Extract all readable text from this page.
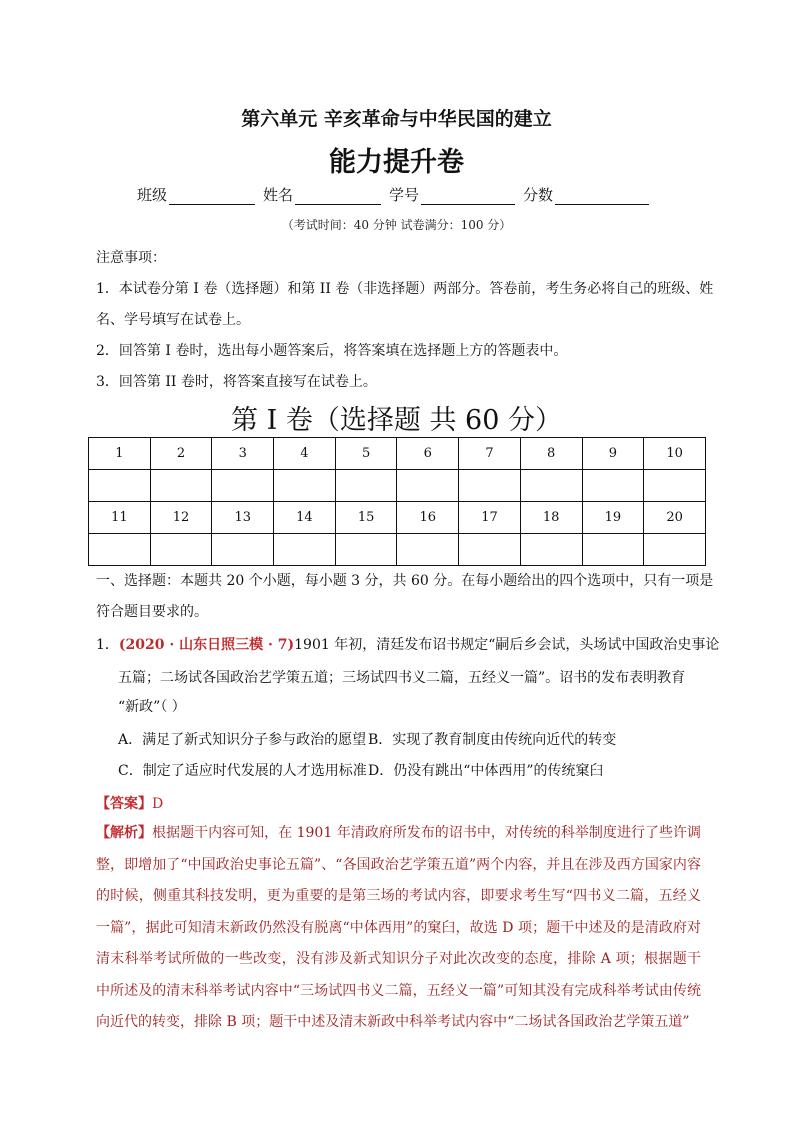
第六单元 辛亥革命与中华民国的建立
能力提升卷
班级	姓名	学号	分数
（考试时间：40 分钟 试卷满分：100 分）
注意事项：
1．本试卷分第 I 卷（选择题）和第 II 卷（非选择题）两部分。答卷前，考生务必将自己的班级、姓
名、学号填写在试卷上。
2．回答第 I 卷时，选出每小题答案后，将答案填在选择题上方的答题表中。
3．回答第 II 卷时，将答案直接写在试卷上。
第 I 卷（选择题 共 60 分）
1	2	3	4	5	6	7	8	9	10

11	12	13	14	15	16	17	18	19	20

一、选择题：本题共 20 个小题，每小题 3 分，共 60 分。在每小题给出的四个选项中，只有一项是
符合题目要求的。
1．(2020 · 山东日照三模 · 7)1901 年初，清廷发布诏书规定“嗣后乡会试，头场试中国政治史事论
五篇；二场试各国政治艺学策五道；三场试四书义二篇，五经义一篇”。诏书的发布表明教育
“新政”（ ）
A．满足了新式知识分子参与政治的愿望 B．实现了教育制度由传统向近代的转变
C．制定了适应时代发展的人才选用标准 D．仍没有跳出“中体西用”的传统窠臼
【答案】D
【解析】根据题干内容可知，在 1901 年清政府所发布的诏书中，对传统的科举制度进行了些许调整，即增加了“中国政治史事论五篇”、“各国政治艺学策五道”两个内容，并且在涉及西方国家内容的时候，侧重其科技发明，更为重要的是第三场的考试内容，即要求考生写“四书义二篇，五经义一篇”，据此可知清末新政仍然没有脱离“中体西用”的窠臼，故选 D 项；题干中述及的是清政府对清末科举考试所做的一些改变，没有涉及新式知识分子对此次改变的态度，排除 A 项；根据题干中所述及的清末科举考试内容中“三场试四书义二篇，五经义一篇”可知其没有完成科举考试由传统向近代的转变，排除 B 项；题干中述及清末新政中科举考试内容中“二场试各国政治艺学策五道”
